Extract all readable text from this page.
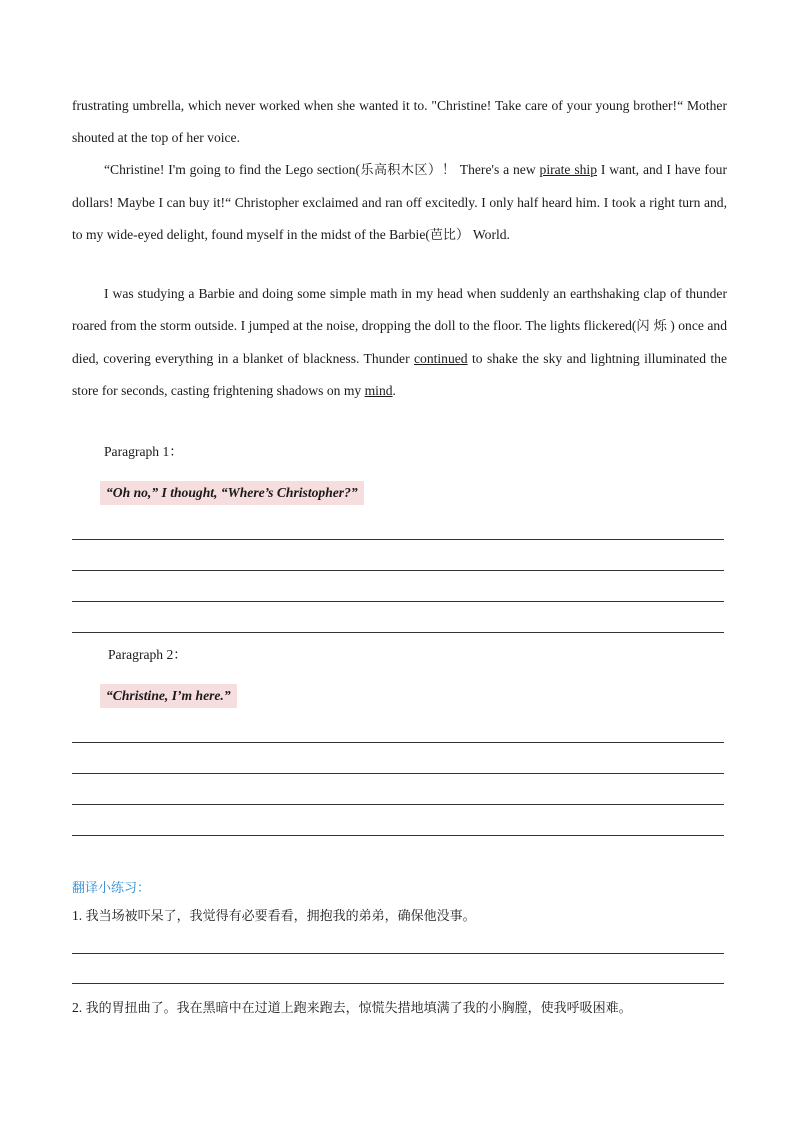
frustrating umbrella, which never worked when she wanted it to. "Christine! Take care of your young brother!“ Mother shouted at the top of her voice.

“Christine! I'm going to find the Lego section(乐高积木区）！ There's a new pirate ship I want, and I have four dollars! Maybe I can buy it!“ Christopher exclaimed and ran off excitedly. I only half heard him. I took a right turn and, to my wide-eyed delight, found myself in the midst of the Barbie(芭比） World.

I was studying a Barbie and doing some simple math in my head when suddenly an earthshaking clap of thunder roared from the storm outside. I jumped at the noise, dropping the doll to the floor. The lights flickered(闪 烁 ) once and died, covering everything in a blanket of blackness. Thunder continued to shake the sky and lightning illuminated the store for seconds, casting frightening shadows on my mind.

Paragraph 1：

“Oh no,” I thought, “Where’s Christopher?”

Paragraph 2：

“Christine, I’m here.”

翻译小练习：

1. 我当场被吓呆了，我觉得有必要看看，拥抱我的弟弟，确保他没事。

2. 我的胃扭曲了。我在黑暗中在过道上跑来跑去，惊慌失措地填满了我的小胸膛，使我呼吸困难。
